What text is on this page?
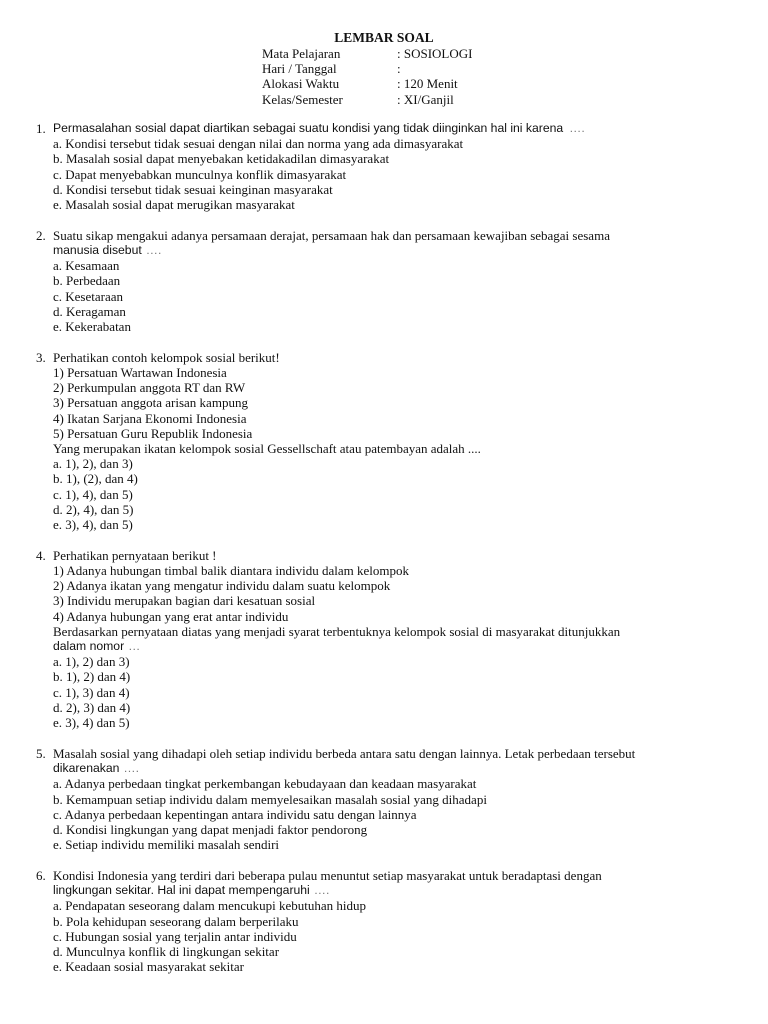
LEMBAR SOAL
Mata Pelajaran	: SOSIOLOGI
Hari / Tanggal	:
Alokasi Waktu	: 120 Menit
Kelas/Semester	: XI/Ganjil
1. Permasalahan sosial dapat diartikan sebagai suatu kondisi yang tidak diinginkan hal ini karena ….
a. Kondisi tersebut tidak sesuai dengan nilai dan norma yang ada dimasyarakat
b. Masalah sosial dapat menyebakan ketidakadilan dimasyarakat
c. Dapat menyebabkan munculnya konflik dimasyarakat
d. Kondisi tersebut tidak sesuai keinginan masyarakat
e. Masalah sosial dapat merugikan masyarakat
2. Suatu sikap mengakui adanya persamaan derajat, persamaan hak dan persamaan kewajiban sebagai sesama
manusia disebut ….
a. Kesamaan
b. Perbedaan
c. Kesetaraan
d. Keragaman
e. Kekerabatan
3. Perhatikan contoh kelompok sosial berikut!
1) Persatuan Wartawan Indonesia
2) Perkumpulan anggota RT dan RW
3) Persatuan anggota arisan kampung
4) Ikatan Sarjana Ekonomi Indonesia
5) Persatuan Guru Republik Indonesia
Yang merupakan ikatan kelompok sosial Gessellschaft atau patembayan adalah ....
a. 1), 2), dan 3)
b. 1), (2), dan 4)
c. 1), 4), dan 5)
d. 2), 4), dan 5)
e. 3), 4), dan 5)
4. Perhatikan pernyataan berikut !
1) Adanya hubungan timbal balik diantara individu dalam kelompok
2) Adanya ikatan yang mengatur individu dalam suatu kelompok
3) Individu merupakan bagian dari kesatuan sosial
4) Adanya hubungan yang erat antar individu
Berdasarkan pernyataan diatas yang menjadi syarat terbentuknya kelompok sosial di masyarakat ditunjukkan
dalam nomor …
a. 1), 2) dan 3)
b. 1), 2) dan 4)
c. 1), 3) dan 4)
d. 2), 3) dan 4)
e. 3), 4) dan 5)
5. Masalah sosial yang dihadapi oleh setiap individu berbeda antara satu dengan lainnya. Letak perbedaan tersebut
dikarenakan ….
a. Adanya perbedaan tingkat perkembangan kebudayaan dan keadaan masyarakat
b. Kemampuan setiap individu dalam memyelesaikan masalah sosial yang dihadapi
c. Adanya perbedaan kepentingan antara individu satu dengan lainnya
d. Kondisi lingkungan yang dapat menjadi faktor pendorong
e. Setiap individu memiliki masalah sendiri
6. Kondisi Indonesia yang terdiri dari beberapa pulau menuntut setiap masyarakat untuk beradaptasi dengan
lingkungan sekitar. Hal ini dapat mempengaruhi ….
a. Pendapatan seseorang dalam mencukupi kebutuhan hidup
b. Pola kehidupan seseorang dalam berperilaku
c. Hubungan sosial yang terjalin antar individu
d. Munculnya konflik di lingkungan sekitar
e. Keadaan sosial masyarakat sekitar
